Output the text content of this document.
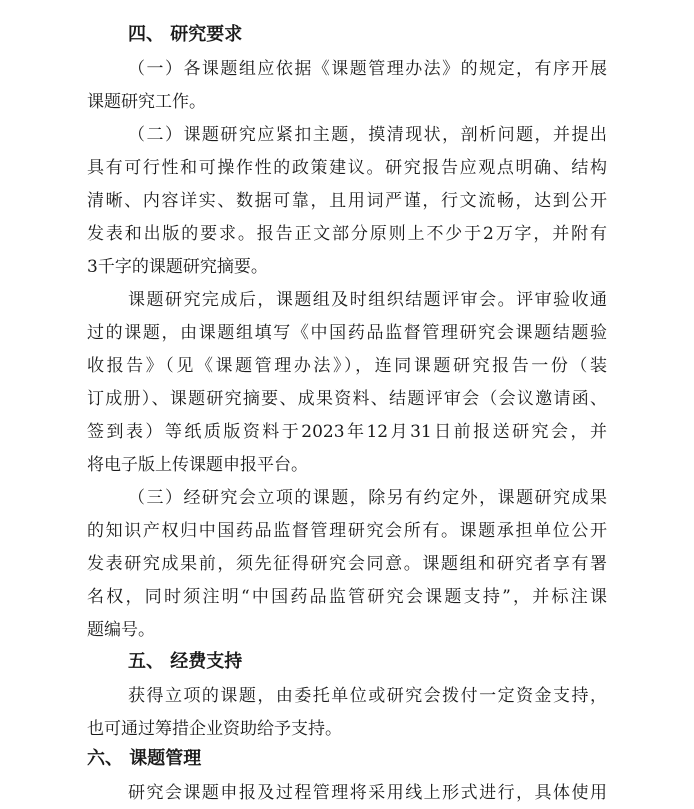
四、 研究要求
（一）各课题组应依据《课题管理办法》的规定，有序开展
课题研究工作。
（二）课题研究应紧扣主题，摸清现状，剖析问题，并提出
具有可行性和可操作性的政策建议。研究报告应观点明确、结构
清晰、内容详实、数据可靠，且用词严谨，行文流畅，达到公开
发表和出版的要求。报告正文部分原则上不少于2万字，并附有
3千字的课题研究摘要。
课题研究完成后，课题组及时组织结题评审会。评审验收通
过的课题，由课题组填写《中国药品监督管理研究会课题结题验
收报告》（见《课题管理办法》），连同课题研究报告一份（装
订成册）、课题研究摘要、成果资料、结题评审会（会议邀请函、
签到表）等纸质版资料于2023年12月31日前报送研究会，并
将电子版上传课题申报平台。
（三）经研究会立项的课题，除另有约定外，课题研究成果
的知识产权归中国药品监督管理研究会所有。课题承担单位公开
发表研究成果前，须先征得研究会同意。课题组和研究者享有署
名权，同时须注明“中国药品监管研究会课题支持”，并标注课
题编号。
五、 经费支持
获得立项的课题，由委托单位或研究会拨付一定资金支持，
也可通过筹措企业资助给予支持。
六、 课题管理
研究会课题申报及过程管理将采用线上形式进行，具体使用
